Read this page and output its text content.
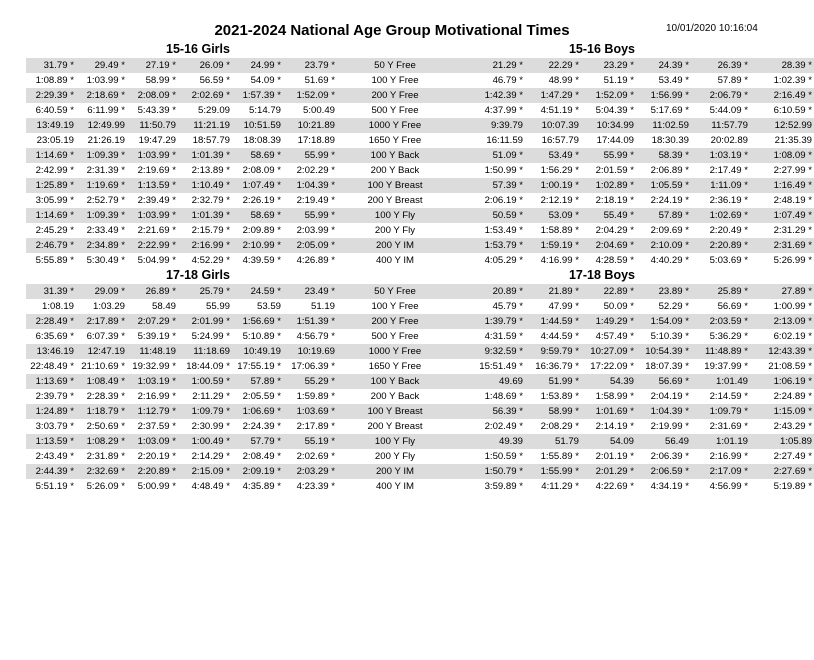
2021-2024 National Age Group Motivational Times	10/01/2020 10:16:04
15-16 Girls	15-16 Boys
31.79 *	29.49 *	27.19 *	26.09 *	24.99 *	23.79 *	50 Y Free	21.29 *	22.29 *	23.29 *	24.39 *	26.39 *	28.39 *
1:08.89 *	1:03.99 *	58.99 *	56.59 *	54.09 *	51.69 *	100 Y Free	46.79 *	48.99 *	51.19 *	53.49 *	57.89 *	1:02.39 *
2:29.39 *	2:18.69 *	2:08.09 *	2:02.69 *	1:57.39 *	1:52.09 *	200 Y Free	1:42.39 *	1:47.29 *	1:52.09 *	1:56.99 *	2:06.79 *	2:16.49 *
6:40.59 *	6:11.99 *	5:43.39 *	5:29.09	5:14.79	5:00.49	500 Y Free	4:37.99 *	4:51.19 *	5:04.39 *	5:17.69 *	5:44.09 *	6:10.59 *
13:49.19	12:49.99	11:50.79	11:21.19	10:51.59	10:21.89	1000 Y Free	9:39.79	10:07.39	10:34.99	11:02.59	11:57.79	12:52.99
23:05.19	21:26.19	19:47.29	18:57.79	18:08.39	17:18.89	1650 Y Free	16:11.59	16:57.79	17:44.09	18:30.39	20:02.89	21:35.39
1:14.69 *	1:09.39 *	1:03.99 *	1:01.39 *	58.69 *	55.99 *	100 Y Back	51.09 *	53.49 *	55.99 *	58.39 *	1:03.19 *	1:08.09 *
2:42.99 *	2:31.39 *	2:19.69 *	2:13.89 *	2:08.09 *	2:02.29 *	200 Y Back	1:50.99 *	1:56.29 *	2:01.59 *	2:06.89 *	2:17.49 *	2:27.99 *
1:25.89 *	1:19.69 *	1:13.59 *	1:10.49 *	1:07.49 *	1:04.39 *	100 Y Breast	57.39 *	1:00.19 *	1:02.89 *	1:05.59 *	1:11.09 *	1:16.49 *
3:05.99 *	2:52.79 *	2:39.49 *	2:32.79 *	2:26.19 *	2:19.49 *	200 Y Breast	2:06.19 *	2:12.19 *	2:18.19 *	2:24.19 *	2:36.19 *	2:48.19 *
1:14.69 *	1:09.39 *	1:03.99 *	1:01.39 *	58.69 *	55.99 *	100 Y Fly	50.59 *	53.09 *	55.49 *	57.89 *	1:02.69 *	1:07.49 *
2:45.29 *	2:33.49 *	2:21.69 *	2:15.79 *	2:09.89 *	2:03.99 *	200 Y Fly	1:53.49 *	1:58.89 *	2:04.29 *	2:09.69 *	2:20.49 *	2:31.29 *
2:46.79 *	2:34.89 *	2:22.99 *	2:16.99 *	2:10.99 *	2:05.09 *	200 Y IM	1:53.79 *	1:59.19 *	2:04.69 *	2:10.09 *	2:20.89 *	2:31.69 *
5:55.89 *	5:30.49 *	5:04.99 *	4:52.29 *	4:39.59 *	4:26.89 *	400 Y IM	4:05.29 *	4:16.99 *	4:28.59 *	4:40.29 *	5:03.69 *	5:26.99 *
17-18 Girls	17-18 Boys
31.39 *	29.09 *	26.89 *	25.79 *	24.59 *	23.49 *	50 Y Free	20.89 *	21.89 *	22.89 *	23.89 *	25.89 *	27.89 *
1:08.19	1:03.29	58.49	55.99	53.59	51.19	100 Y Free	45.79 *	47.99 *	50.09 *	52.29 *	56.69 *	1:00.99 *
2:28.49 *	2:17.89 *	2:07.29 *	2:01.99 *	1:56.69 *	1:51.39 *	200 Y Free	1:39.79 *	1:44.59 *	1:49.29 *	1:54.09 *	2:03.59 *	2:13.09 *
6:35.69 *	6:07.39 *	5:39.19 *	5:24.99 *	5:10.89 *	4:56.79 *	500 Y Free	4:31.59 *	4:44.59 *	4:57.49 *	5:10.39 *	5:36.29 *	6:02.19 *
13:46.19	12:47.19	11:48.19	11:18.69	10:49.19	10:19.69	1000 Y Free	9:32.59 *	9:59.79 *	10:27.09 *	10:54.39 *	11:48.89 *	12:43.39 *
22:48.49 *	21:10.69 *	19:32.99 *	18:44.09 *	17:55.19 *	17:06.39 *	1650 Y Free	15:51.49 *	16:36.79 *	17:22.09 *	18:07.39 *	19:37.99 *	21:08.59 *
1:13.69 *	1:08.49 *	1:03.19 *	1:00.59 *	57.89 *	55.29 *	100 Y Back	49.69	51.99 *	54.39	56.69 *	1:01.49	1:06.19 *
2:39.79 *	2:28.39 *	2:16.99 *	2:11.29 *	2:05.59 *	1:59.89 *	200 Y Back	1:48.69 *	1:53.89 *	1:58.99 *	2:04.19 *	2:14.59 *	2:24.89 *
1:24.89 *	1:18.79 *	1:12.79 *	1:09.79 *	1:06.69 *	1:03.69 *	100 Y Breast	56.39 *	58.99 *	1:01.69 *	1:04.39 *	1:09.79 *	1:15.09 *
3:03.79 *	2:50.69 *	2:37.59 *	2:30.99 *	2:24.39 *	2:17.89 *	200 Y Breast	2:02.49 *	2:08.29 *	2:14.19 *	2:19.99 *	2:31.69 *	2:43.29 *
1:13.59 *	1:08.29 *	1:03.09 *	1:00.49 *	57.79 *	55.19 *	100 Y Fly	49.39	51.79	54.09	56.49	1:01.19	1:05.89
2:43.49 *	2:31.89 *	2:20.19 *	2:14.29 *	2:08.49 *	2:02.69 *	200 Y Fly	1:50.59 *	1:55.89 *	2:01.19 *	2:06.39 *	2:16.99 *	2:27.49 *
2:44.39 *	2:32.69 *	2:20.89 *	2:15.09 *	2:09.19 *	2:03.29 *	200 Y IM	1:50.79 *	1:55.99 *	2:01.29 *	2:06.59 *	2:17.09 *	2:27.69 *
5:51.19 *	5:26.09 *	5:00.99 *	4:48.49 *	4:35.89 *	4:23.39 *	400 Y IM	3:59.89 *	4:11.29 *	4:22.69 *	4:34.19 *	4:56.99 *	5:19.89 *
